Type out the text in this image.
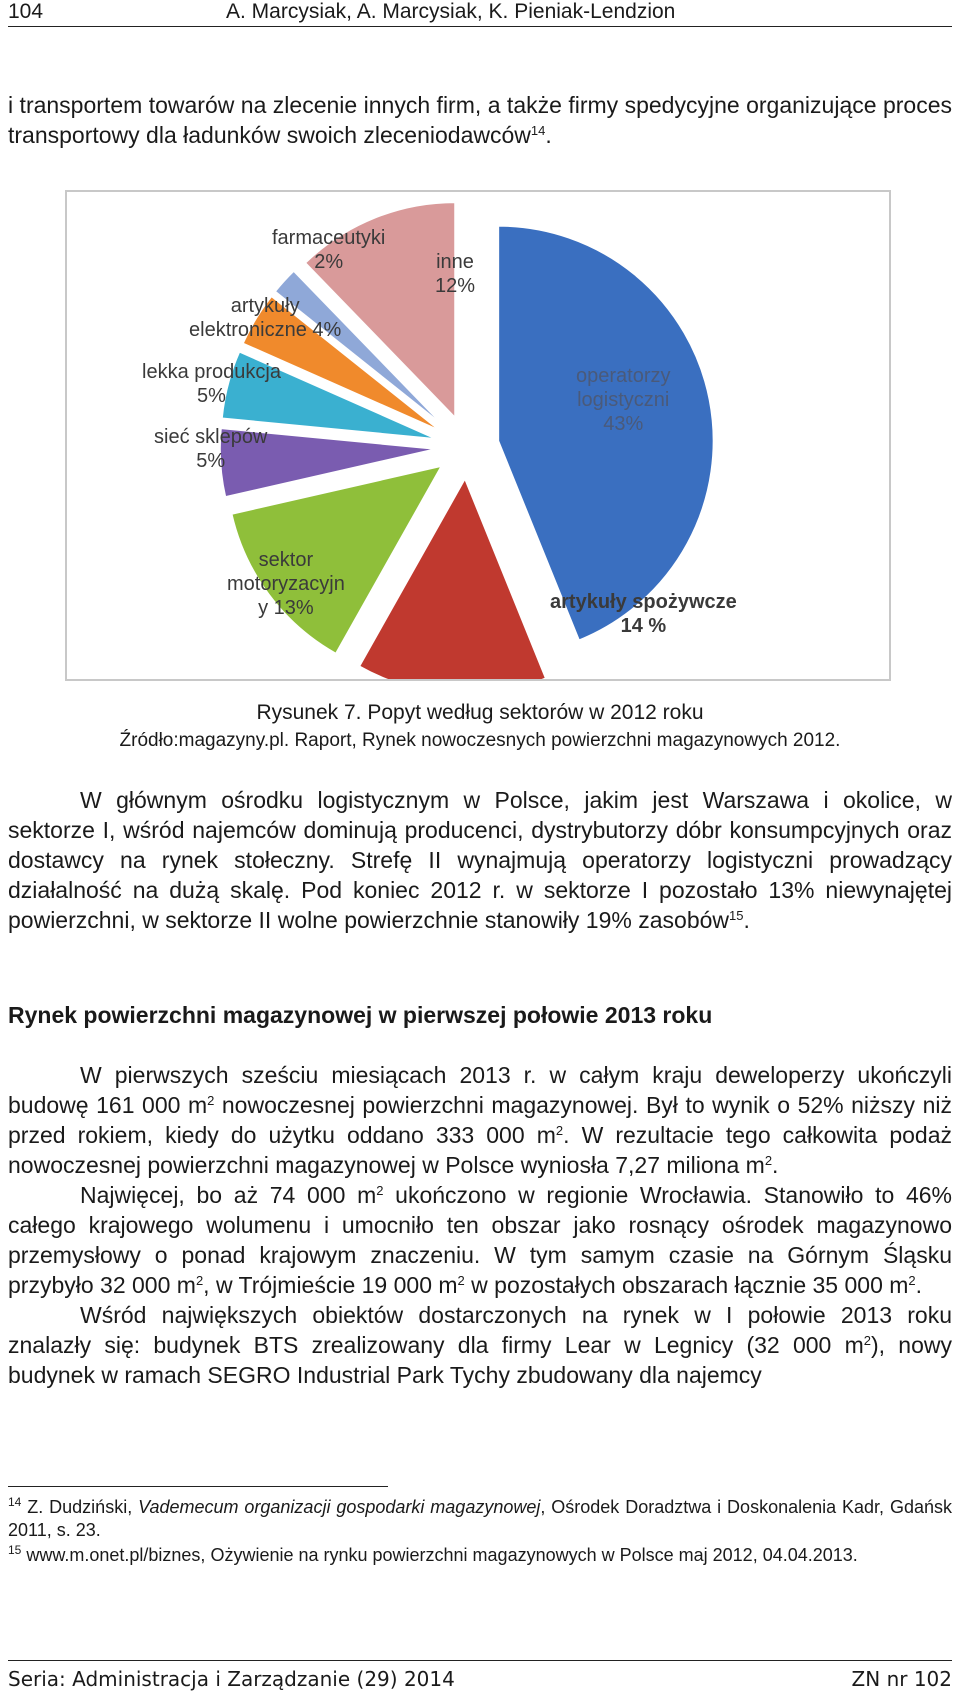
104	A. Marcysiak, A. Marcysiak, K. Pieniak-Lendzion

i transportem towarów na zlecenie innych firm, a także firmy spedycyjne organizujące proces transportowy dla ładunków swoich zleceniodawców$^{14}$.

operatorzy
logistyczni
43%
artykuły spożywcze
14 %
sektor
motoryzacyjn
y 13%
sieć sklepów
5%
lekka produkcja
5%
artykuły
elektroniczne 4%
farmaceutyki
2%	inne
12%
Rysunek 7. Popyt według sektorów w 2012 roku
Źródło:magazyny.pl. Raport, Rynek nowoczesnych powierzchni magazynowych 2012.

W głównym ośrodku logistycznym w Polsce, jakim jest Warszawa i okolice, w sektorze I, wśród najemców dominują producenci, dystrybutorzy dóbr konsumpcyjnych oraz dostawcy na rynek stołeczny. Strefę II wynajmują operatorzy logistyczni prowadzący działalność na dużą skalę. Pod koniec 2012 r. w sektorze I pozostało 13% niewynajętej powierzchni, w sektorze II wolne powierzchnie stanowiły 19% zasobów$^{15}$.

Rynek powierzchni magazynowej w pierwszej połowie 2013 roku

W pierwszych sześciu miesiącach 2013 r. w całym kraju deweloperzy ukończyli budowę 161 000 $m^2$ nowoczesnej powierzchni magazynowej. Był to wynik o 52% niższy niż przed rokiem, kiedy do użytku oddano 333 000 $m^2$. W rezultacie tego całkowita podaż nowoczesnej powierzchni magazynowej w Polsce wyniosła 7,27 miliona $m^2$.

Najwięcej, bo aż 74 000 $m^2$ ukończono w regionie Wrocławia. Stanowiło to 46% całego krajowego wolumenu i umocniło ten obszar jako rosnący ośrodek magazynowo przemysłowy o ponad krajowym znaczeniu. W tym samym czasie na Górnym Śląsku przybyło 32 000 $m^2$, w Trójmieście 19 000 $m^2$ w pozostałych obszarach łącznie 35 000 $m^2$.

Wśród największych obiektów dostarczonych na rynek w I połowie 2013 roku znalazły się: budynek BTS zrealizowany dla firmy Lear w Legnicy (32 000 $m^2$), nowy budynek w ramach SEGRO Industrial Park Tychy zbudowany dla najemcy

$^{14}$ Z. Dudziński, Vademecum organizacji gospodarki magazynowej, Ośrodek Doradztwa i Doskonalenia Kadr, Gdańsk 2011, s. 23.

$^{15}$ www.m.onet.pl/biznes, Ożywienie na rynku powierzchni magazynowych w Polsce maj 2012, 04.04.2013.

Seria: Administracja i Zarządzanie (29) 2014	ZN nr 102
